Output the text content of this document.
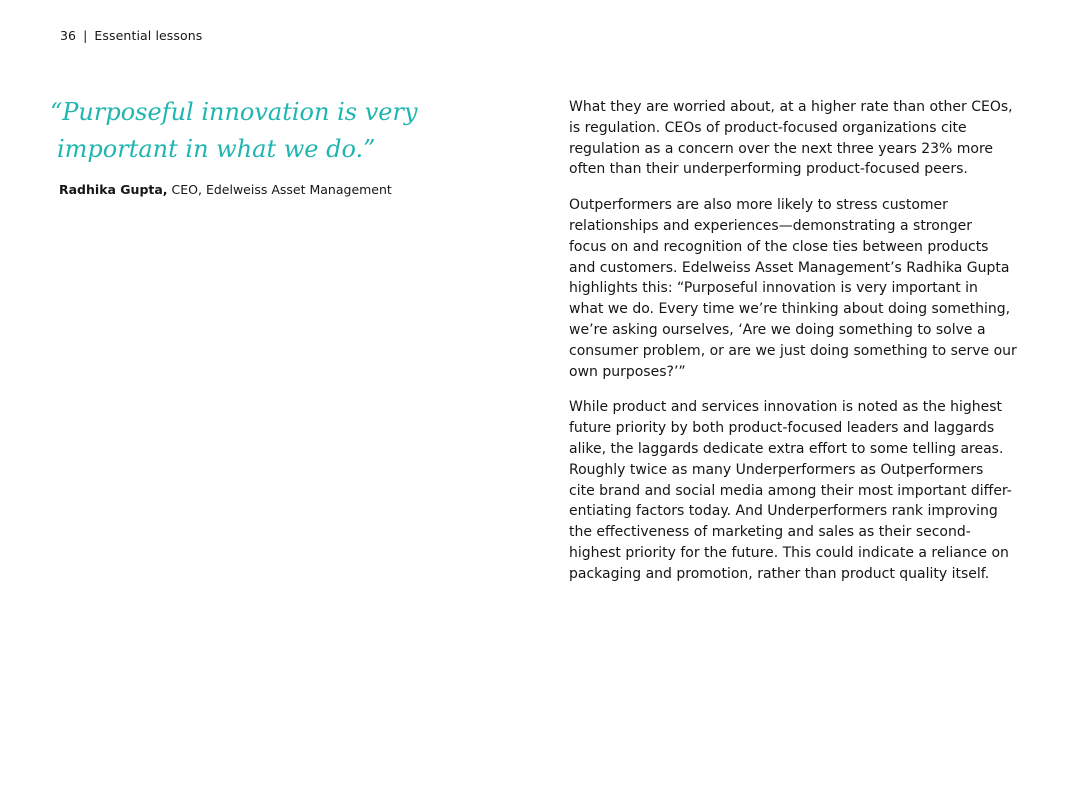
36 | Essential lessons
“Purposeful innovation is very
important in what we do.”
Radhika Gupta, CEO, Edelweiss Asset Management

What they are worried about, at a higher rate than other CEOs,
is regulation. CEOs of product-focused organizations cite
regulation as a concern over the next three years 23% more
often than their underperforming product-focused peers.

Outperformers are also more likely to stress customer
relationships and experiences—demonstrating a stronger
focus on and recognition of the close ties between products
and customers. Edelweiss Asset Management’s Radhika Gupta
highlights this: “Purposeful innovation is very important in
what we do. Every time we’re thinking about doing something,
we’re asking ourselves, ‘Are we doing something to solve a
consumer problem, or are we just doing something to serve our
own purposes?’”

While product and services innovation is noted as the highest
future priority by both product-focused leaders and laggards
alike, the laggards dedicate extra effort to some telling areas.
Roughly twice as many Underperformers as Outperformers
cite brand and social media among their most important differ-
entiating factors today. And Underperformers rank improving
the effectiveness of marketing and sales as their second-
highest priority for the future. This could indicate a reliance on
packaging and promotion, rather than product quality itself.
